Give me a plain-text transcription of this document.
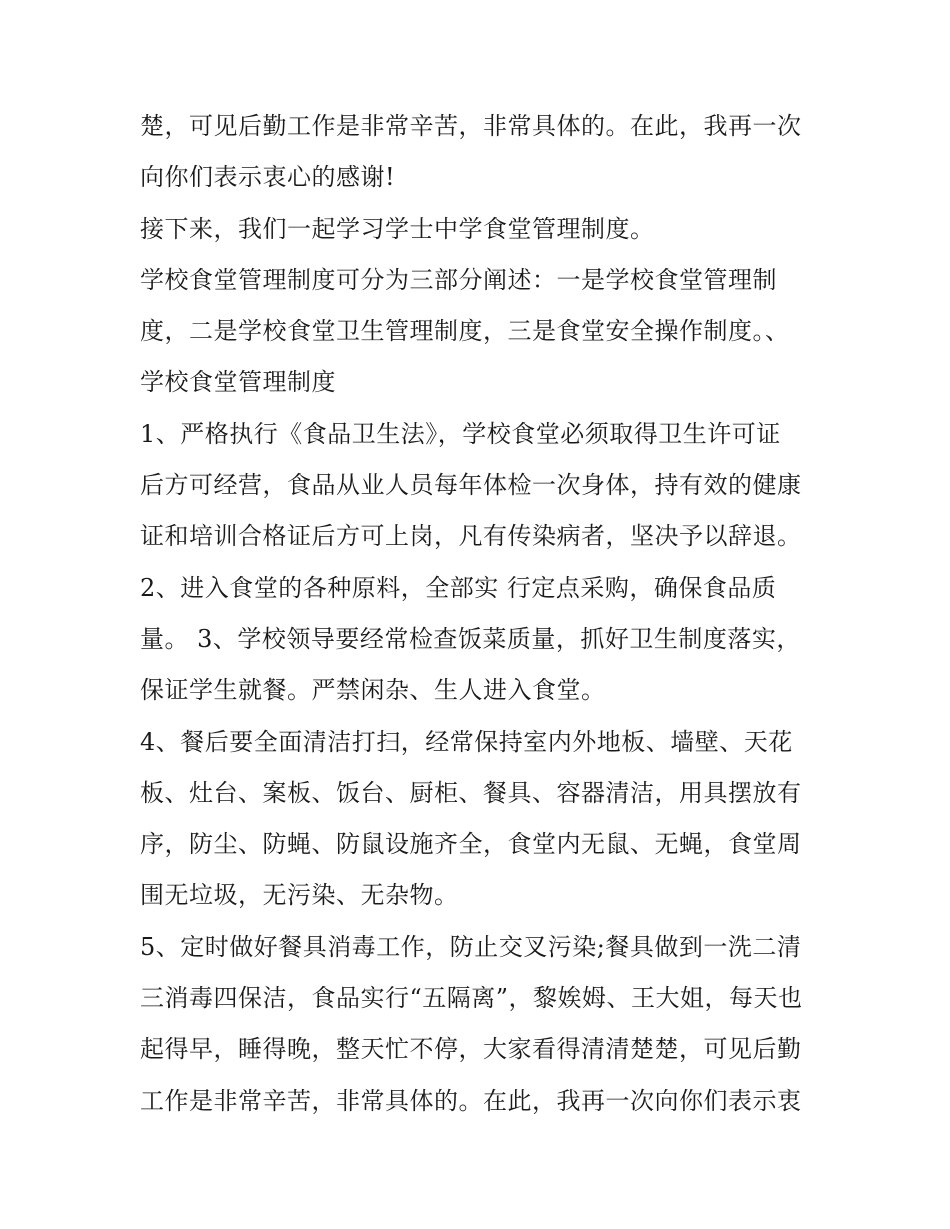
楚，可见后勤工作是非常辛苦，非常具体的。在此，我再一次
向你们表示衷心的感谢!
接下来，我们一起学习学士中学食堂管理制度。
学校食堂管理制度可分为三部分阐述：一是学校食堂管理制
度，二是学校食堂卫生管理制度，三是食堂安全操作制度。、
学校食堂管理制度
1、严格执行《食品卫生法》，学校食堂必须取得卫生许可证
后方可经营，食品从业人员每年体检一次身体，持有效的健康
证和培训合格证后方可上岗，凡有传染病者，坚决予以辞退。
2、进入食堂的各种原料，全部实 行定点采购，确保食品质
量。 3、学校领导要经常检查饭菜质量，抓好卫生制度落实，
保证学生就餐。严禁闲杂、生人进入食堂。
4、餐后要全面清洁打扫，经常保持室内外地板、墙壁、天花
板、灶台、案板、饭台、厨柜、餐具、容器清洁，用具摆放有
序，防尘、防蝇、防鼠设施齐全，食堂内无鼠、无蝇，食堂周
围无垃圾，无污染、无杂物。
5、定时做好餐具消毒工作，防止交叉污染;餐具做到一洗二清
三消毒四保洁，食品实行“五隔离”，黎娭姆、王大姐，每天也
起得早，睡得晚，整天忙不停，大家看得清清楚楚，可见后勤
工作是非常辛苦，非常具体的。在此，我再一次向你们表示衷
